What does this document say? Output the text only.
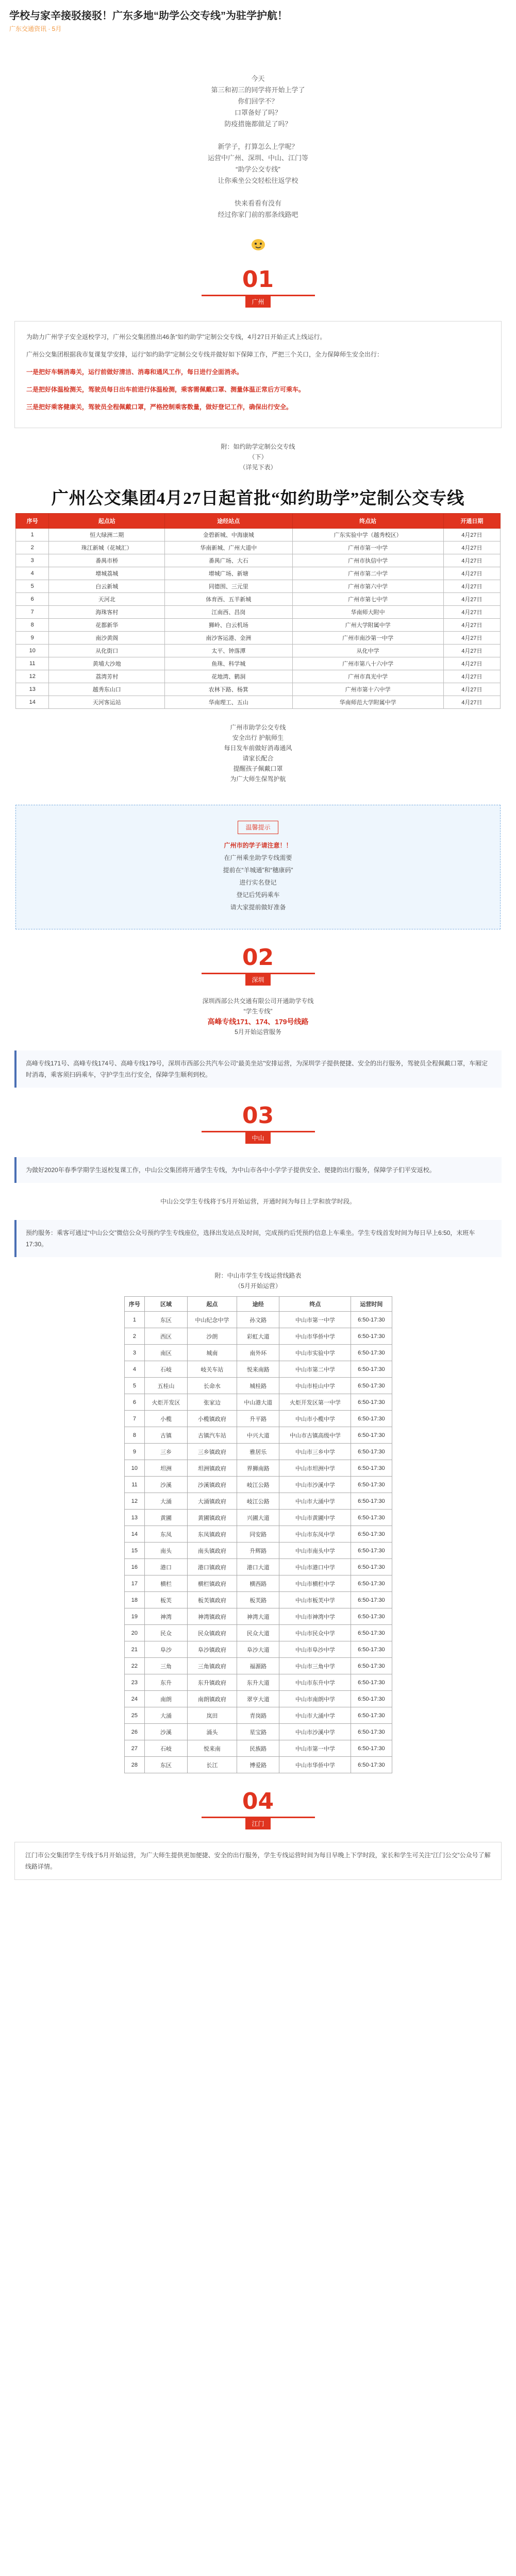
学校与家辛接驳接驳！广东多地“助学公交专线”为驻学护航！
广东交通资讯 · 5月
今天
第三和初三的同学将开始上学了
你们回学不？
口罩备好了吗？
防疫措施都做足了吗？
新学子，打算怎么上学呢？
运营中广州、深圳、中山、江门等
“助学公交专线”
让你乘坐公交轻松往返学校
快来看看有没有
经过你家门前的那条线路吧
01
广州

为助力广州学子安全返校学习，广州公交集团推出46条“如约助学”定制公交专线，4月27日开始正式上线运行。

广州公交集团根据我市复课复学安排，运行“如约助学”定制公交专线并做好如下保障工作，严把三个关口，全力保障师生安全出行：

一是把好车辆消毒关，运行前做好清洁、消毒和通风工作，每日进行全面消杀。

二是把好体温检测关，驾驶员每日出车前进行体温检测，乘客需佩戴口罩、测量体温正常后方可乘车。

三是把好乘客健康关，驾驶员全程佩戴口罩，严格控制乘客数量，做好登记工作，确保出行安全。

附：如约助学定制公交专线
（下）
（详见下表）
广州公交集团4月27日起首批“如约助学”定制公交专线
序号	起点站	途经站点	终点站	开通日期
1	恒大绿洲二期	金碧新城、中海康城	广东实验中学（越秀校区）	4月27日
2	珠江新城（花城汇）	华南新城、广州大道中	广州市第一中学	4月27日
3	番禺市桥	番禺广场、大石	广州市执信中学	4月27日
4	增城荔城	增城广场、新塘	广州市第二中学	4月27日
5	白云新城	同德围、三元里	广州市第六中学	4月27日
6	天河北	体育西、五羊新城	广州市第七中学	4月27日
7	海珠客村	江南西、昌岗	华南师大附中	4月27日
8	花都新华	狮岭、白云机场	广州大学附属中学	4月27日
9	南沙黄阁	南沙客运港、金洲	广州市南沙第一中学	4月27日
10	从化街口	太平、钟落潭	从化中学	4月27日
11	黄埔大沙地	鱼珠、科学城	广州市第八十六中学	4月27日
12	荔湾芳村	花地湾、鹤洞	广州市真光中学	4月27日
13	越秀东山口	农林下路、杨箕	广州市第十六中学	4月27日
14	天河客运站	华南理工、五山	华南师范大学附属中学	4月27日
广州市助学公交专线
安全出行 护航师生
每日发车前做好消毒通风
请家长配合
提醒孩子佩戴口罩
为广大师生保驾护航
温馨提示
广州市的学子请注意！！
在广州乘坐助学专线需要
提前在“羊城通”和“穗康码”
进行实名登记
登记后凭码乘车
请大家提前做好准备
02
深圳
深圳西部公共交通有限公司开通助学专线
“学生专线”
高峰专线171、174、179号线路
5月开始运营服务
高峰专线171号、高峰专线174号、高峰专线179号，深圳市西部公共汽车公司“最美坐站”安排运营，为深圳学子提供便捷、安全的出行服务，驾驶员全程佩戴口罩，车厢定时消毒，乘客须扫码乘车，守护学生出行安全，保障学生顺利到校。
03
中山
为做好2020年春季学期学生返校复课工作，中山公交集团将开通学生专线，为中山市各中小学学子提供安全、便捷的出行服务，保障学子们平安返校。
中山公交学生专线将于5月开始运营，开通时间为每日上学和放学时段。
预约服务：乘客可通过“中山公交”微信公众号预约学生专线座位，选择出发站点及时间，完成预约后凭预约信息上车乘坐。学生专线首发时间为每日早上6:50，末班车17:30。
附：中山市学生专线运营线路表
（5月开始运营）
序号	区域	起点	途经	终点	运营时间
1	东区	中山纪念中学	孙文路	中山市第一中学	6:50-17:30
2	西区	沙朗	彩虹大道	中山市华侨中学	6:50-17:30
3	南区	城南	南外环	中山市实验中学	6:50-17:30
4	石岐	岐关车站	悦来南路	中山市第二中学	6:50-17:30
5	五桂山	长命水	城桂路	中山市桂山中学	6:50-17:30
6	火炬开发区	张家边	中山港大道	火炬开发区第一中学	6:50-17:30
7	小榄	小榄镇政府	升平路	中山市小榄中学	6:50-17:30
8	古镇	古镇汽车站	中兴大道	中山市古镇高级中学	6:50-17:30
9	三乡	三乡镇政府	雅居乐	中山市三乡中学	6:50-17:30
10	坦洲	坦洲镇政府	界狮南路	中山市坦洲中学	6:50-17:30
11	沙溪	沙溪镇政府	岐江公路	中山市沙溪中学	6:50-17:30
12	大涌	大涌镇政府	岐江公路	中山市大涌中学	6:50-17:30
13	黄圃	黄圃镇政府	兴圃大道	中山市黄圃中学	6:50-17:30
14	东凤	东凤镇政府	同安路	中山市东凤中学	6:50-17:30
15	南头	南头镇政府	升辉路	中山市南头中学	6:50-17:30
16	港口	港口镇政府	港口大道	中山市港口中学	6:50-17:30
17	横栏	横栏镇政府	横西路	中山市横栏中学	6:50-17:30
18	板芙	板芙镇政府	板芙路	中山市板芙中学	6:50-17:30
19	神湾	神湾镇政府	神湾大道	中山市神湾中学	6:50-17:30
20	民众	民众镇政府	民众大道	中山市民众中学	6:50-17:30
21	阜沙	阜沙镇政府	阜沙大道	中山市阜沙中学	6:50-17:30
22	三角	三角镇政府	福源路	中山市三角中学	6:50-17:30
23	东升	东升镇政府	东升大道	中山市东升中学	6:50-17:30
24	南朗	南朗镇政府	翠亨大道	中山市南朗中学	6:50-17:30
25	大涌	岚田	青岗路	中山市大涌中学	6:50-17:30
26	沙溪	涌头	星宝路	中山市沙溪中学	6:50-17:30
27	石岐	悦来南	民族路	中山市第一中学	6:50-17:30
28	东区	长江	博爱路	中山市华侨中学	6:50-17:30
04
江门
江门市公交集团学生专线于5月开始运营，为广大师生提供更加便捷、安全的出行服务，学生专线运营时间为每日早晚上下学时段，家长和学生可关注“江门公交”公众号了解线路详情。
